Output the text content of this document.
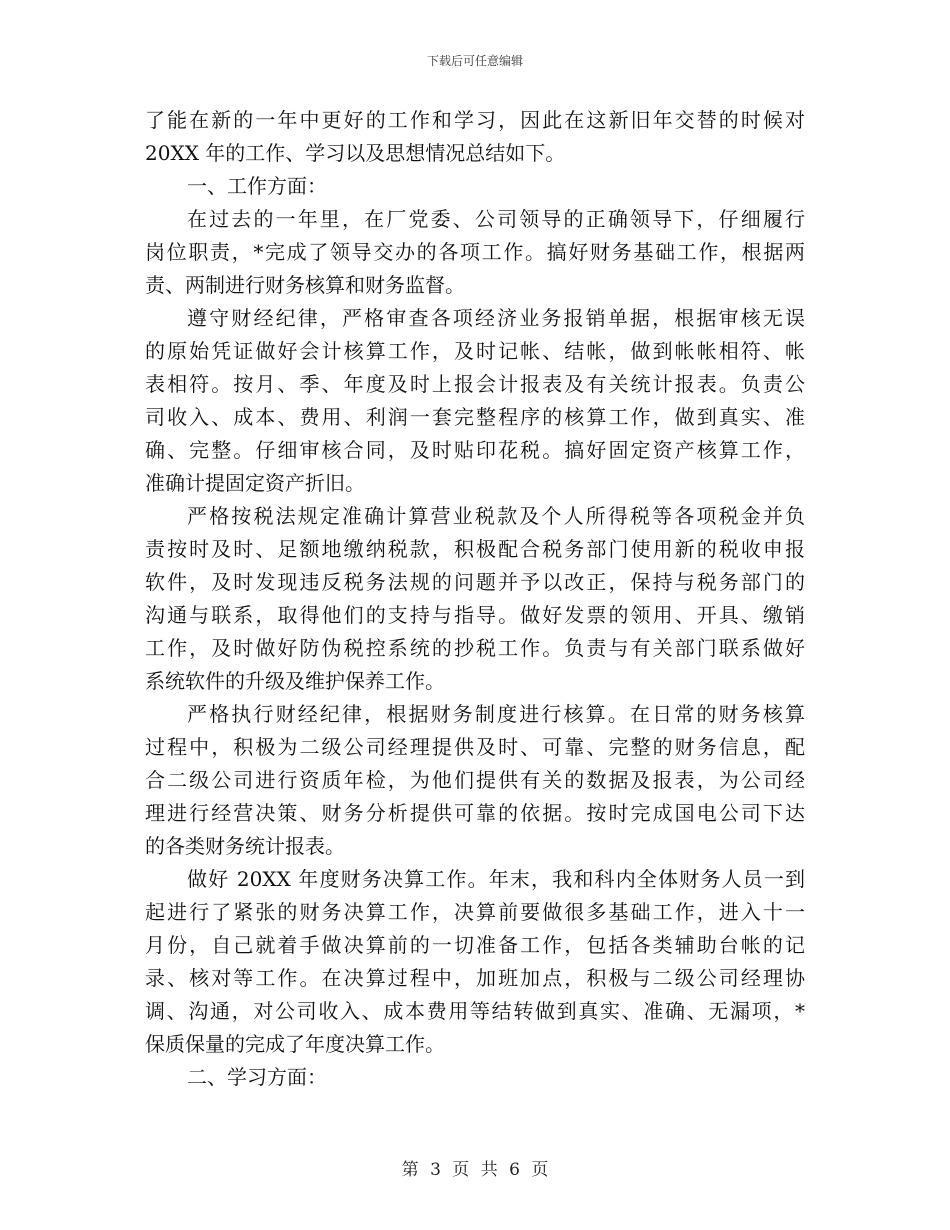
下载后可任意编辑
了能在新的一年中更好的工作和学习，因此在这新旧年交替的时候对
20XX 年的工作、学习以及思想情况总结如下。
一、工作方面：
在过去的一年里，在厂党委、公司领导的正确领导下，仔细履行
岗位职责，*完成了领导交办的各项工作。搞好财务基础工作，根据两
责、两制进行财务核算和财务监督。
遵守财经纪律，严格审查各项经济业务报销单据，根据审核无误
的原始凭证做好会计核算工作，及时记帐、结帐，做到帐帐相符、帐
表相符。按月、季、年度及时上报会计报表及有关统计报表。负责公
司收入、成本、费用、利润一套完整程序的核算工作，做到真实、准
确、完整。仔细审核合同，及时贴印花税。搞好固定资产核算工作，
准确计提固定资产折旧。
严格按税法规定准确计算营业税款及个人所得税等各项税金并负
责按时及时、足额地缴纳税款，积极配合税务部门使用新的税收申报
软件，及时发现违反税务法规的问题并予以改正，保持与税务部门的
沟通与联系，取得他们的支持与指导。做好发票的领用、开具、缴销
工作，及时做好防伪税控系统的抄税工作。负责与有关部门联系做好
系统软件的升级及维护保养工作。
严格执行财经纪律，根据财务制度进行核算。在日常的财务核算
过程中，积极为二级公司经理提供及时、可靠、完整的财务信息，配
合二级公司进行资质年检，为他们提供有关的数据及报表，为公司经
理进行经营决策、财务分析提供可靠的依据。按时完成国电公司下达
的各类财务统计报表。
做好 20XX 年度财务决算工作。年末，我和科内全体财务人员一到
起进行了紧张的财务决算工作，决算前要做很多基础工作，进入十一
月份，自己就着手做决算前的一切准备工作，包括各类辅助台帐的记
录、核对等工作。在决算过程中，加班加点，积极与二级公司经理协
调、沟通，对公司收入、成本费用等结转做到真实、准确、无漏项，*
保质保量的完成了年度决算工作。
二、学习方面：
第 3 页 共 6 页
